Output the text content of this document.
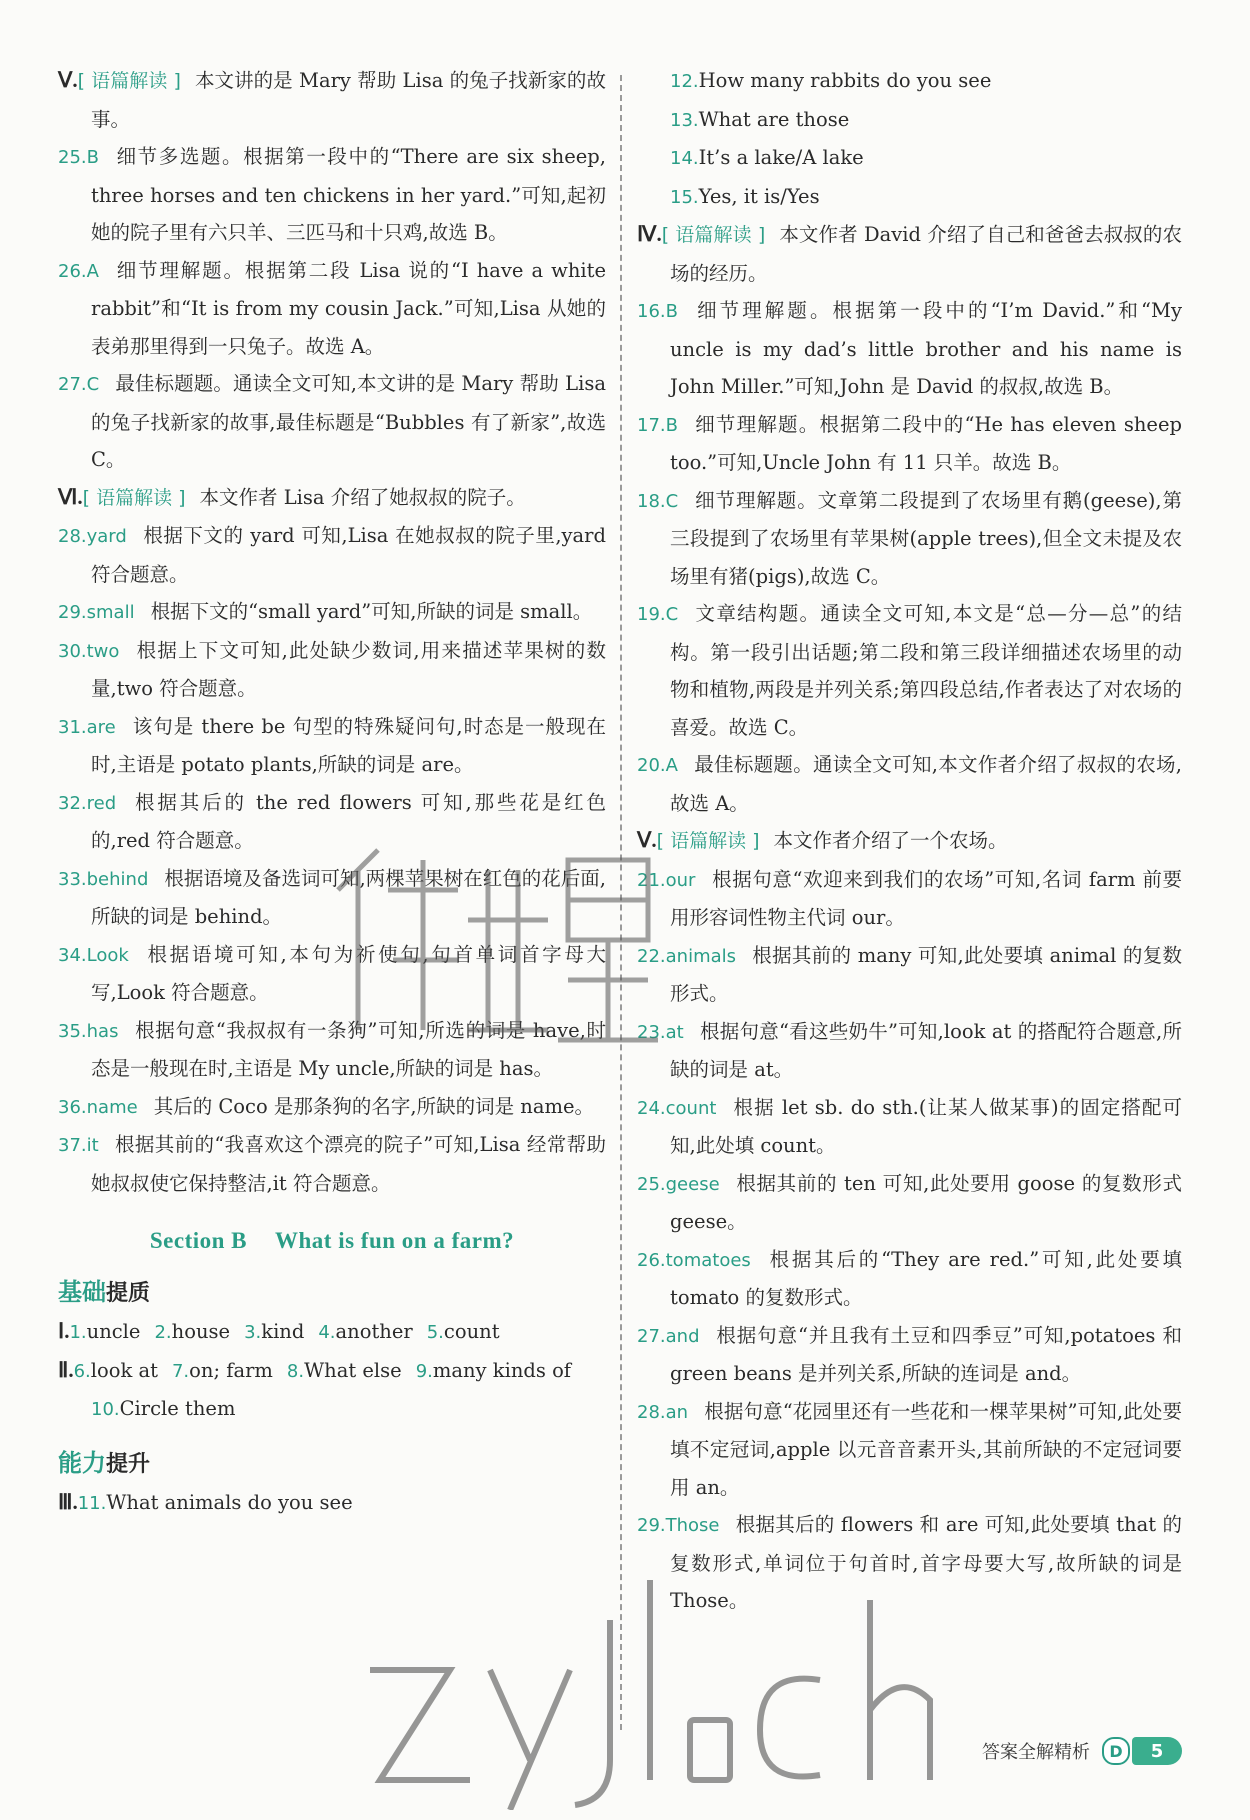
Ⅴ.[ 语篇解读 ] 本文讲的是 Mary 帮助 Lisa 的兔子找新家的故事。

25.B 细节多选题。根据第一段中的“There are six sheep, three horses and ten chickens in her yard.”可知,起初她的院子里有六只羊、三匹马和十只鸡,故选 B。

26.A 细节理解题。根据第二段 Lisa 说的“I have a white rabbit”和“It is from my cousin Jack.”可知,Lisa 从她的表弟那里得到一只兔子。故选 A。

27.C 最佳标题题。通读全文可知,本文讲的是 Mary 帮助 Lisa 的兔子找新家的故事,最佳标题是“Bubbles 有了新家”,故选 C。

Ⅵ.[ 语篇解读 ] 本文作者 Lisa 介绍了她叔叔的院子。

28.yard 根据下文的 yard 可知,Lisa 在她叔叔的院子里,yard 符合题意。

29.small 根据下文的“small yard”可知,所缺的词是 small。

30.two 根据上下文可知,此处缺少数词,用来描述苹果树的数量,two 符合题意。

31.are 该句是 there be 句型的特殊疑问句,时态是一般现在时,主语是 potato plants,所缺的词是 are。

32.red 根据其后的 the red flowers 可知,那些花是红色的,red 符合题意。

33.behind 根据语境及备选词可知,两棵苹果树在红色的花后面,所缺的词是 behind。

34.Look 根据语境可知,本句为祈使句,句首单词首字母大写,Look 符合题意。

35.has 根据句意“我叔叔有一条狗”可知,所选的词是 have,时态是一般现在时,主语是 My uncle,所缺的词是 has。

36.name 其后的 Coco 是那条狗的名字,所缺的词是 name。

37.it 根据其前的“我喜欢这个漂亮的院子”可知,Lisa 经常帮助她叔叔使它保持整洁,it 符合题意。

Section B What is fun on a farm?
基础提质

Ⅰ.1.uncle 2.house 3.kind 4.another 5.count

Ⅱ.6.look at 7.on; farm 8.What else 9.many kinds of

10.Circle them

能力提升

Ⅲ.11.What animals do you see

12.How many rabbits do you see

13.What are those

14.It’s a lake/A lake

15.Yes, it is/Yes

Ⅳ.[ 语篇解读 ] 本文作者 David 介绍了自己和爸爸去叔叔的农场的经历。

16.B 细节理解题。根据第一段中的“I’m David.”和“My uncle is my dad’s little brother and his name is John Miller.”可知,John 是 David 的叔叔,故选 B。

17.B 细节理解题。根据第二段中的“He has eleven sheep too.”可知,Uncle John 有 11 只羊。故选 B。

18.C 细节理解题。文章第二段提到了农场里有鹅(geese),第三段提到了农场里有苹果树(apple trees),但全文未提及农场里有猪(pigs),故选 C。

19.C 文章结构题。通读全文可知,本文是“总—分—总”的结构。第一段引出话题;第二段和第三段详细描述农场里的动物和植物,两段是并列关系;第四段总结,作者表达了对农场的喜爱。故选 C。

20.A 最佳标题题。通读全文可知,本文作者介绍了叔叔的农场,故选 A。

Ⅴ.[ 语篇解读 ] 本文作者介绍了一个农场。

21.our 根据句意“欢迎来到我们的农场”可知,名词 farm 前要用形容词性物主代词 our。

22.animals 根据其前的 many 可知,此处要填 animal 的复数形式。

23.at 根据句意“看这些奶牛”可知,look at 的搭配符合题意,所缺的词是 at。

24.count 根据 let sb. do sth.(让某人做某事)的固定搭配可知,此处填 count。

25.geese 根据其前的 ten 可知,此处要用 goose 的复数形式 geese。

26.tomatoes 根据其后的“They are red.”可知,此处要填 tomato 的复数形式。

27.and 根据句意“并且我有土豆和四季豆”可知,potatoes 和 green beans 是并列关系,所缺的连词是 and。

28.an 根据句意“花园里还有一些花和一棵苹果树”可知,此处要填不定冠词,apple 以元音音素开头,其前所缺的不定冠词要用 an。

29.Those 根据其后的 flowers 和 are 可知,此处要填 that 的复数形式,单词位于句首时,首字母要大写,故所缺的词是 Those。

答案全解精析	D	5
